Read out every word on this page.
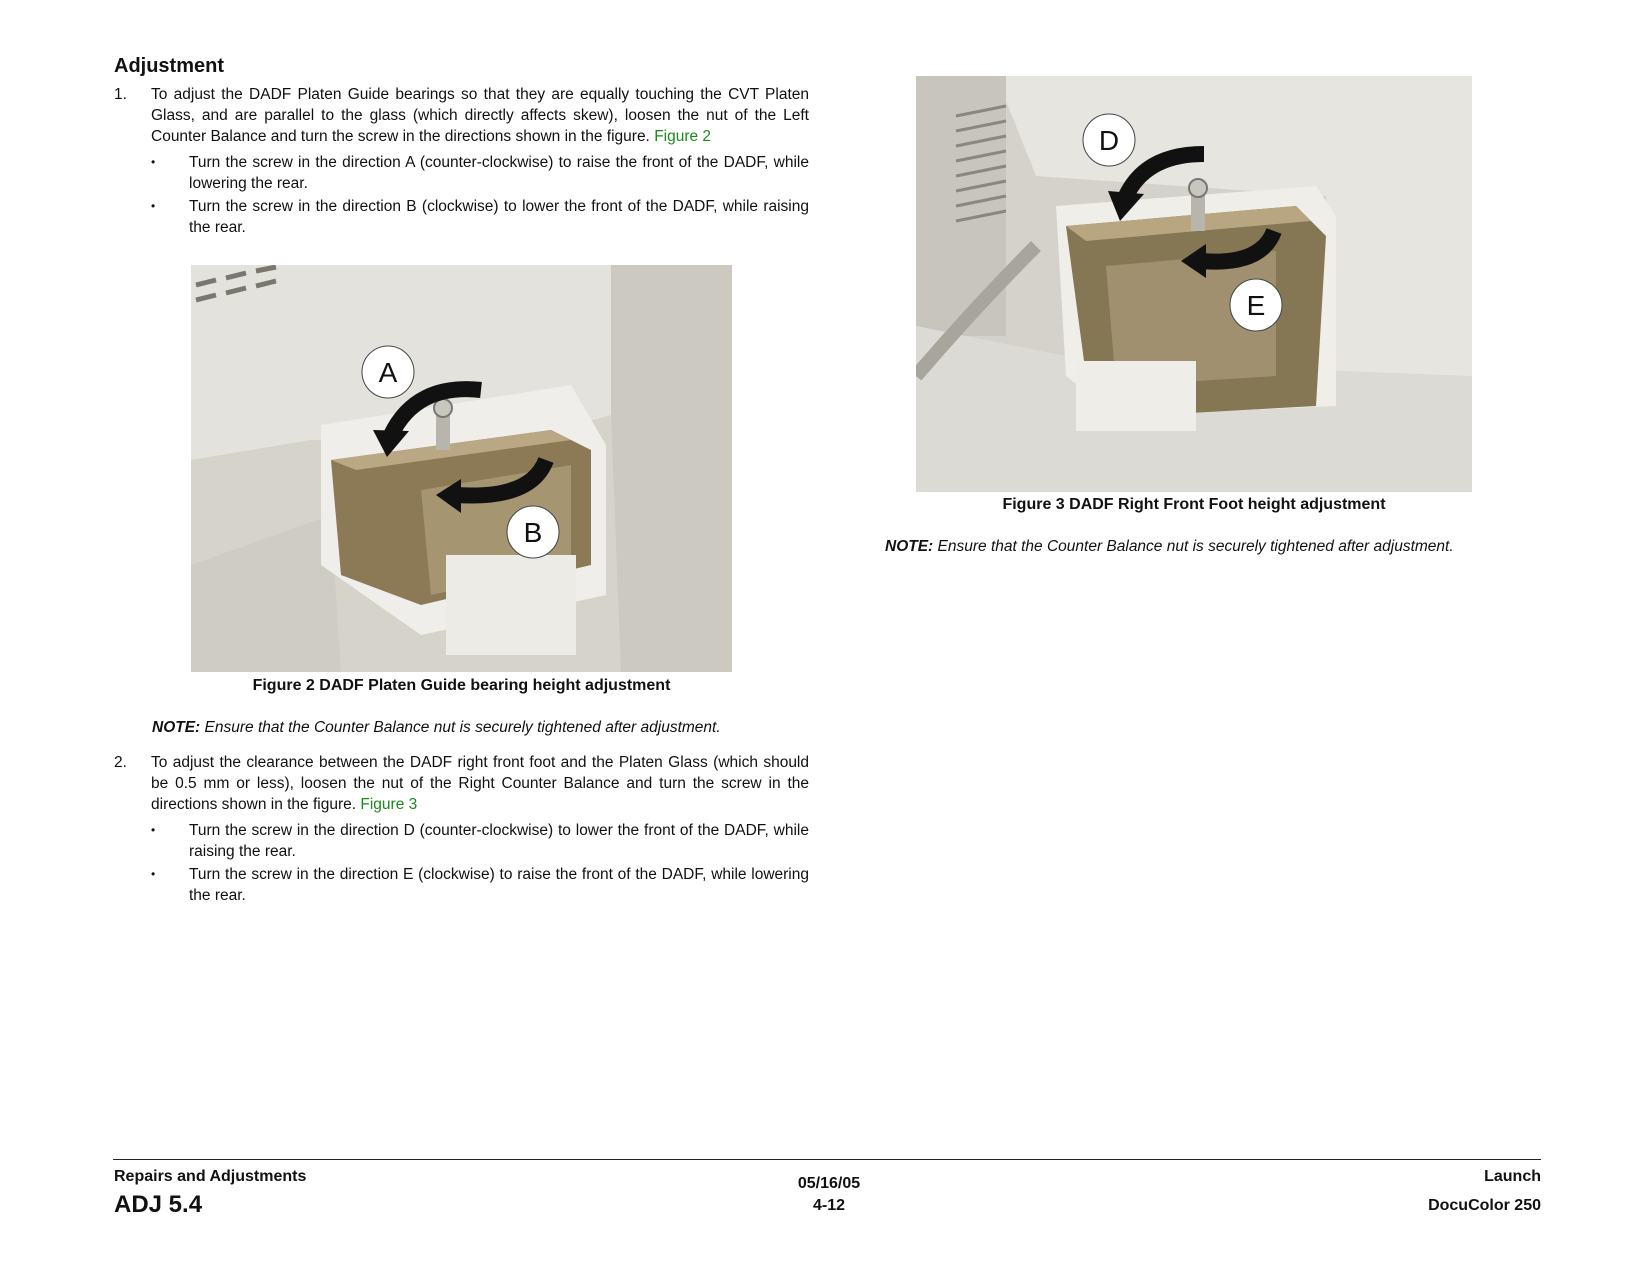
Adjustment
1. To adjust the DADF Platen Guide bearings so that they are equally touching the CVT Platen Glass, and are parallel to the glass (which directly affects skew), loosen the nut of the Left Counter Balance and turn the screw in the directions shown in the figure. Figure 2
• Turn the screw in the direction A (counter-clockwise) to raise the front of the DADF, while lowering the rear.
• Turn the screw in the direction B (clockwise) to lower the front of the DADF, while raising the rear.
A
B
Figure 2 DADF Platen Guide bearing height adjustment
NOTE: Ensure that the Counter Balance nut is securely tightened after adjustment.
2. To adjust the clearance between the DADF right front foot and the Platen Glass (which should be 0.5 mm or less), loosen the nut of the Right Counter Balance and turn the screw in the directions shown in the figure. Figure 3
• Turn the screw in the direction D (counter-clockwise) to lower the front of the DADF, while raising the rear.
• Turn the screw in the direction E (clockwise) to raise the front of the DADF, while lowering the rear.
D
E
Figure 3 DADF Right Front Foot height adjustment
NOTE: Ensure that the Counter Balance nut is securely tightened after adjustment.
Repairs and Adjustments
ADJ 5.4
05/16/05
4-12
Launch
DocuColor 250
